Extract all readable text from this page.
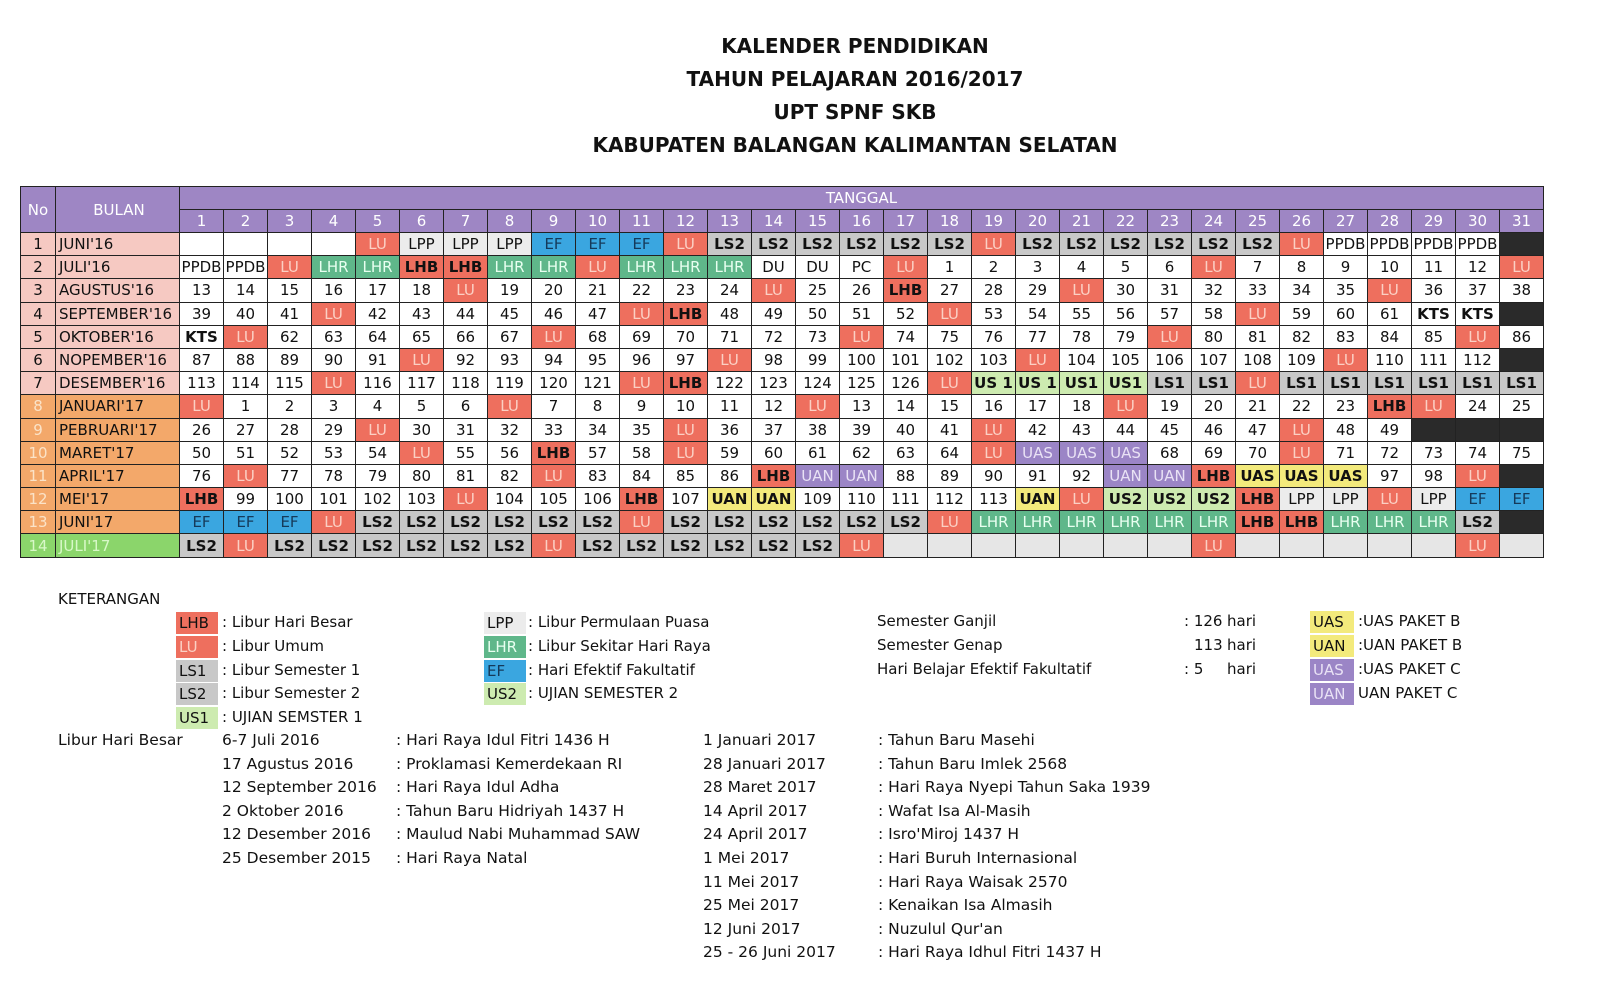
KALENDER PENDIDIKAN
TAHUN PELAJARAN 2016/2017
UPT SPNF SKB
KABUPATEN BALANGAN KALIMANTAN SELATAN
No	BULAN	TANGGAL																														
		1	2	3	4	5	6	7	8	9	10	11	12	13	14	15	16	17	18	19	20	21	22	23	24	25	26	27	28	29	30	31
1	JUNI'16					LU	LPP	LPP	LPP	EF	EF	EF	LU	LS2	LS2	LS2	LS2	LS2	LS2	LU	LS2	LS2	LS2	LS2	LS2	LS2	LU	PPDB	PPDB	PPDB	PPDB	
2	JULI'16	PPDB	PPDB	LU	LHR	LHR	LHB	LHB	LHR	LHR	LU	LHR	LHR	LHR	DU	DU	PC	LU	1	2	3	4	5	6	LU	7	8	9	10	11	12	LU
3	AGUSTUS'16	13	14	15	16	17	18	LU	19	20	21	22	23	24	LU	25	26	LHB	27	28	29	LU	30	31	32	33	34	35	LU	36	37	38
4	SEPTEMBER'16	39	40	41	LU	42	43	44	45	46	47	LU	LHB	48	49	50	51	52	LU	53	54	55	56	57	58	LU	59	60	61	KTS	KTS	
5	OKTOBER'16	KTS	LU	62	63	64	65	66	67	LU	68	69	70	71	72	73	LU	74	75	76	77	78	79	LU	80	81	82	83	84	85	LU	86
6	NOPEMBER'16	87	88	89	90	91	LU	92	93	94	95	96	97	LU	98	99	100	101	102	103	LU	104	105	106	107	108	109	LU	110	111	112	
7	DESEMBER'16	113	114	115	LU	116	117	118	119	120	121	LU	LHB	122	123	124	125	126	LU	US 1	US 1	US1	US1	LS1	LS1	LU	LS1	LS1	LS1	LS1	LS1	LS1
8	JANUARI'17	LU	1	2	3	4	5	6	LU	7	8	9	10	11	12	LU	13	14	15	16	17	18	LU	19	20	21	22	23	LHB	LU	24	25
9	PEBRUARI'17	26	27	28	29	LU	30	31	32	33	34	35	LU	36	37	38	39	40	41	LU	42	43	44	45	46	47	LU	48	49			
10	MARET'17	50	51	52	53	54	LU	55	56	LHB	57	58	LU	59	60	61	62	63	64	LU	UAS	UAS	UAS	68	69	70	LU	71	72	73	74	75
11	APRIL'17	76	LU	77	78	79	80	81	82	LU	83	84	85	86	LHB	UAN	UAN	88	89	90	91	92	UAN	UAN	LHB	UAS	UAS	UAS	97	98	LU	
12	MEI'17	LHB	99	100	101	102	103	LU	104	105	106	LHB	107	UAN	UAN	109	110	111	112	113	UAN	LU	US2	US2	US2	LHB	LPP	LPP	LU	LPP	EF	EF
13	JUNI'17	EF	EF	EF	LU	LS2	LS2	LS2	LS2	LS2	LS2	LU	LS2	LS2	LS2	LS2	LS2	LS2	LU	LHR	LHR	LHR	LHR	LHR	LHR	LHB	LHB	LHR	LHR	LHR	LS2	
14	JULI'17	LS2	LU	LS2	LS2	LS2	LS2	LS2	LS2	LU	LS2	LS2	LS2	LS2	LS2	LS2	LU								LU						LU	
KETERANGAN
LHB : Libur Hari Besar
LU	: Libur Umum
LS1	: Libur Semester 1
LS2	: Libur Semester 2
US1 : UJIAN SEMSTER 1
LPP : Libur Permulaan Puasa
LHR : Libur Sekitar Hari Raya
EF	: Hari Efektif Fakultatif
US2 : UJIAN SEMESTER 2
Semester Ganjil	: 126 hari
Semester Genap	113 hari
Hari Belajar Efektif Fakultatif	: 5 hari
UAS :UAS PAKET B
UAN :UAN PAKET B
UAS :UAS PAKET C
UAN UAN PAKET C
Libur Hari Besar	6-7 Juli 2016	: Hari Raya Idul Fitri 1436 H
17 Agustus 2016	: Proklamasi Kemerdekaan RI
12 September 2016 : Hari Raya Idul Adha
2 Oktober 2016	: Tahun Baru Hidriyah 1437 H
12 Desember 2016 : Maulud Nabi Muhammad SAW
25 Desember 2015 : Hari Raya Natal
1 Januari 2017	: Tahun Baru Masehi
28 Januari 2017	: Tahun Baru Imlek 2568
28 Maret 2017	: Hari Raya Nyepi Tahun Saka 1939
14 April 2017	: Wafat Isa Al-Masih
24 April 2017	: Isro'Miroj 1437 H
1 Mei 2017	: Hari Buruh Internasional
11 Mei 2017	: Hari Raya Waisak 2570
25 Mei 2017	: Kenaikan Isa Almasih
12 Juni 2017	: Nuzulul Qur'an
25 - 26 Juni 2017	: Hari Raya Idhul Fitri 1437 H
